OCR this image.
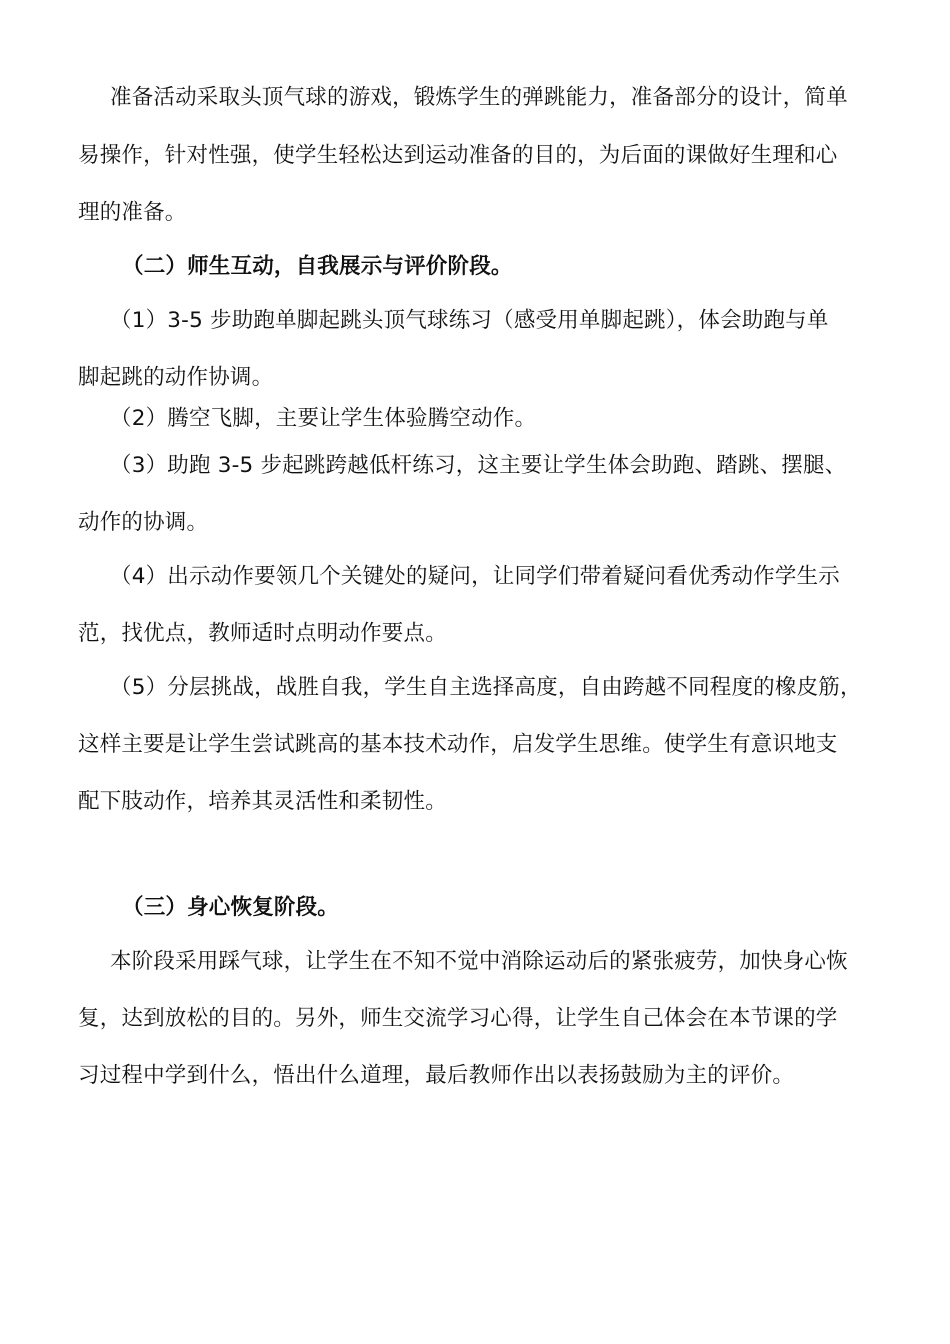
准备活动采取头顶气球的游戏，锻炼学生的弹跳能力，准备部分的设计，简单
易操作，针对性强，使学生轻松达到运动准备的目的，为后面的课做好生理和心
理的准备。
（二）师生互动，自我展示与评价阶段。
（1）3-5 步助跑单脚起跳头顶气球练习（感受用单脚起跳），体会助跑与单
脚起跳的动作协调。
（2）腾空飞脚，主要让学生体验腾空动作。
（3）助跑 3-5 步起跳跨越低杆练习，这主要让学生体会助跑、踏跳、摆腿、
动作的协调。
（4）出示动作要领几个关键处的疑问，让同学们带着疑问看优秀动作学生示
范，找优点，教师适时点明动作要点。
（5）分层挑战，战胜自我，学生自主选择高度，自由跨越不同程度的橡皮筋，
这样主要是让学生尝试跳高的基本技术动作，启发学生思维。使学生有意识地支
配下肢动作，培养其灵活性和柔韧性。
（三）身心恢复阶段。
本阶段采用踩气球，让学生在不知不觉中消除运动后的紧张疲劳，加快身心恢
复，达到放松的目的。另外，师生交流学习心得，让学生自己体会在本节课的学
习过程中学到什么，悟出什么道理，最后教师作出以表扬鼓励为主的评价。
